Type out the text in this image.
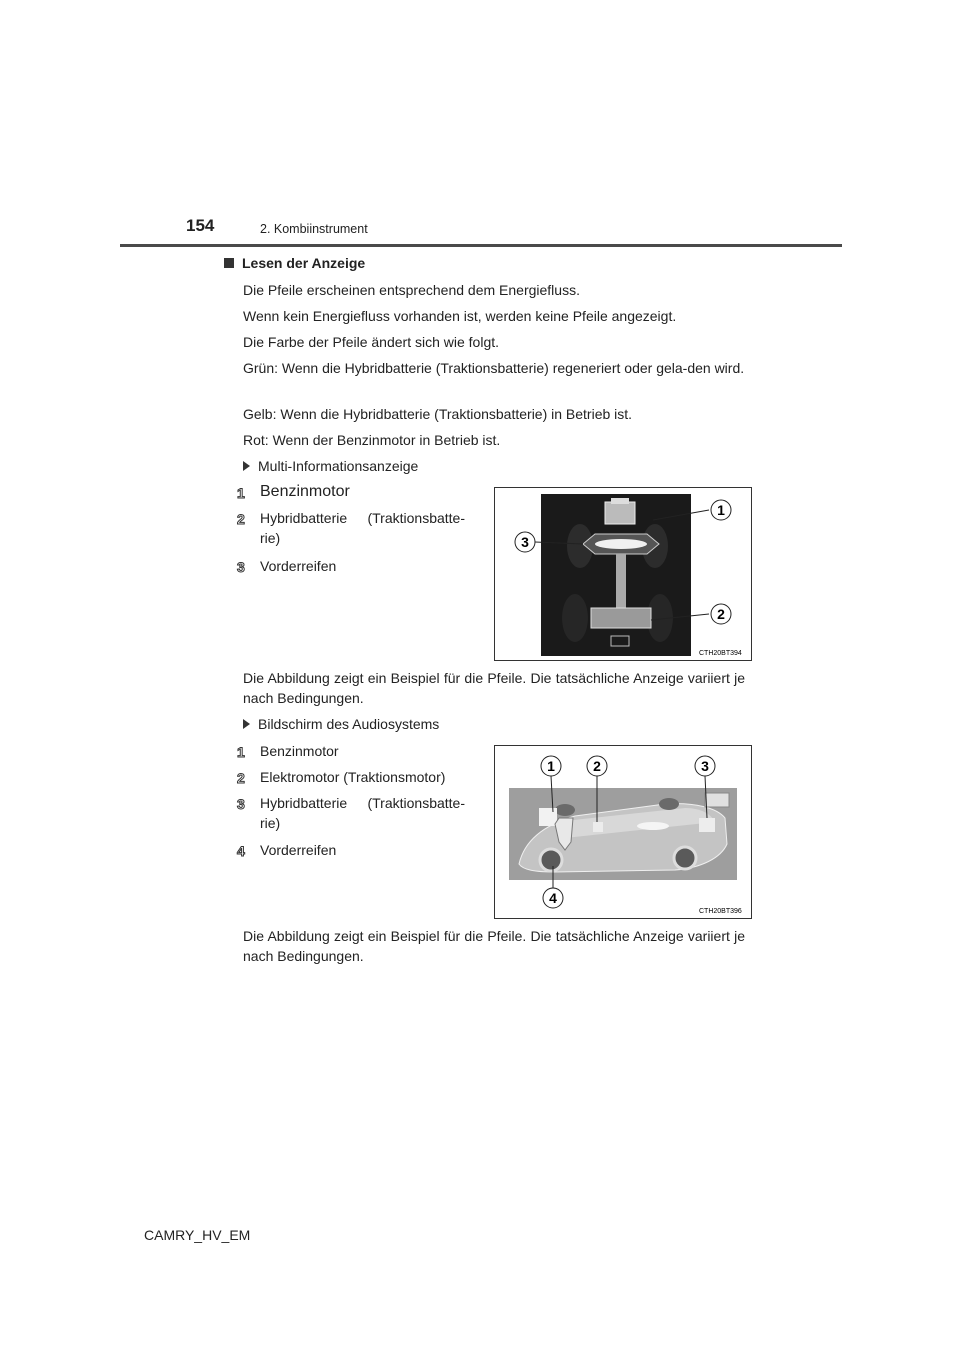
154	2. Kombiinstrument
Lesen der Anzeige
Die Pfeile erscheinen entsprechend dem Energiefluss.
Wenn kein Energiefluss vorhanden ist, werden keine Pfeile angezeigt.
Die Farbe der Pfeile ändert sich wie folgt.
Grün: Wenn die Hybridbatterie (Traktionsbatterie) regeneriert oder gela-den wird.
Gelb: Wenn die Hybridbatterie (Traktionsbatterie) in Betrieb ist.
Rot: Wenn der Benzinmotor in Betrieb ist.
Multi-Informationsanzeige
1 Benzinmotor
2 Hybridbatterie (Traktionsbatte-rie)
3 Vorderreifen
1
3
2
CTH20BT394
Die Abbildung zeigt ein Beispiel für die Pfeile. Die tatsächliche Anzeige variiert je nach Bedingungen.
Bildschirm des Audiosystems
1 Benzinmotor
2 Elektromotor (Traktionsmotor)
3 Hybridbatterie (Traktionsbatte-rie)
4 Vorderreifen
1	2	3
4
CTH20BT396
Die Abbildung zeigt ein Beispiel für die Pfeile. Die tatsächliche Anzeige variiert je nach Bedingungen.
CAMRY_HV_EM
